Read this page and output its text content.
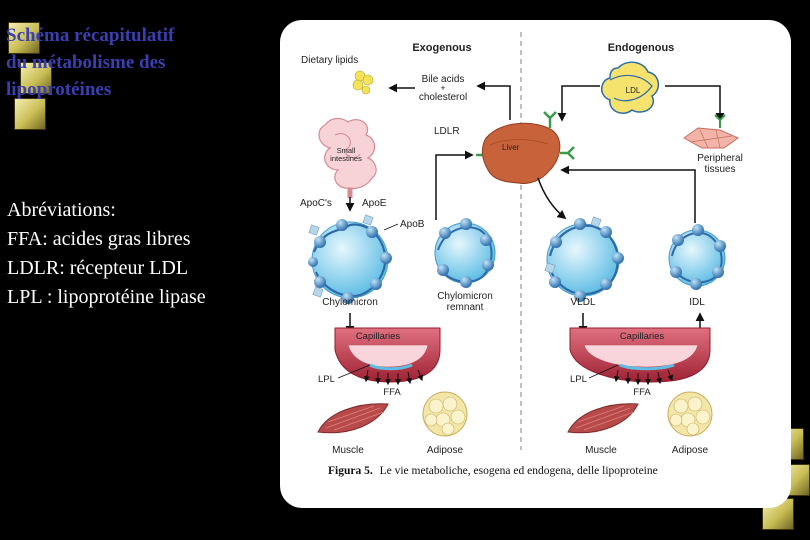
Schéma récapitulatif
du métabolisme des
lipoprotéines
Abréviations:
FFA: acides gras libres
LDLR: récepteur LDL
LPL : lipoprotéine lipase
Exogenous	Endogenous
Dietary lipids
Bile acids
+
cholesterol
Small
intestines
ApoC's	ApoE
ApoB
Chylomicron
Chylomicron
remnant
LDLR
Liver
LDL
Peripheral
tissues
VLDL	IDL
Capillaries
LPL
FFA
Capillaries
LPL
FFA
Muscle	Adipose	Muscle	Adipose
Figura 5. Le vie metaboliche, esogena ed endogena, delle lipoproteine
